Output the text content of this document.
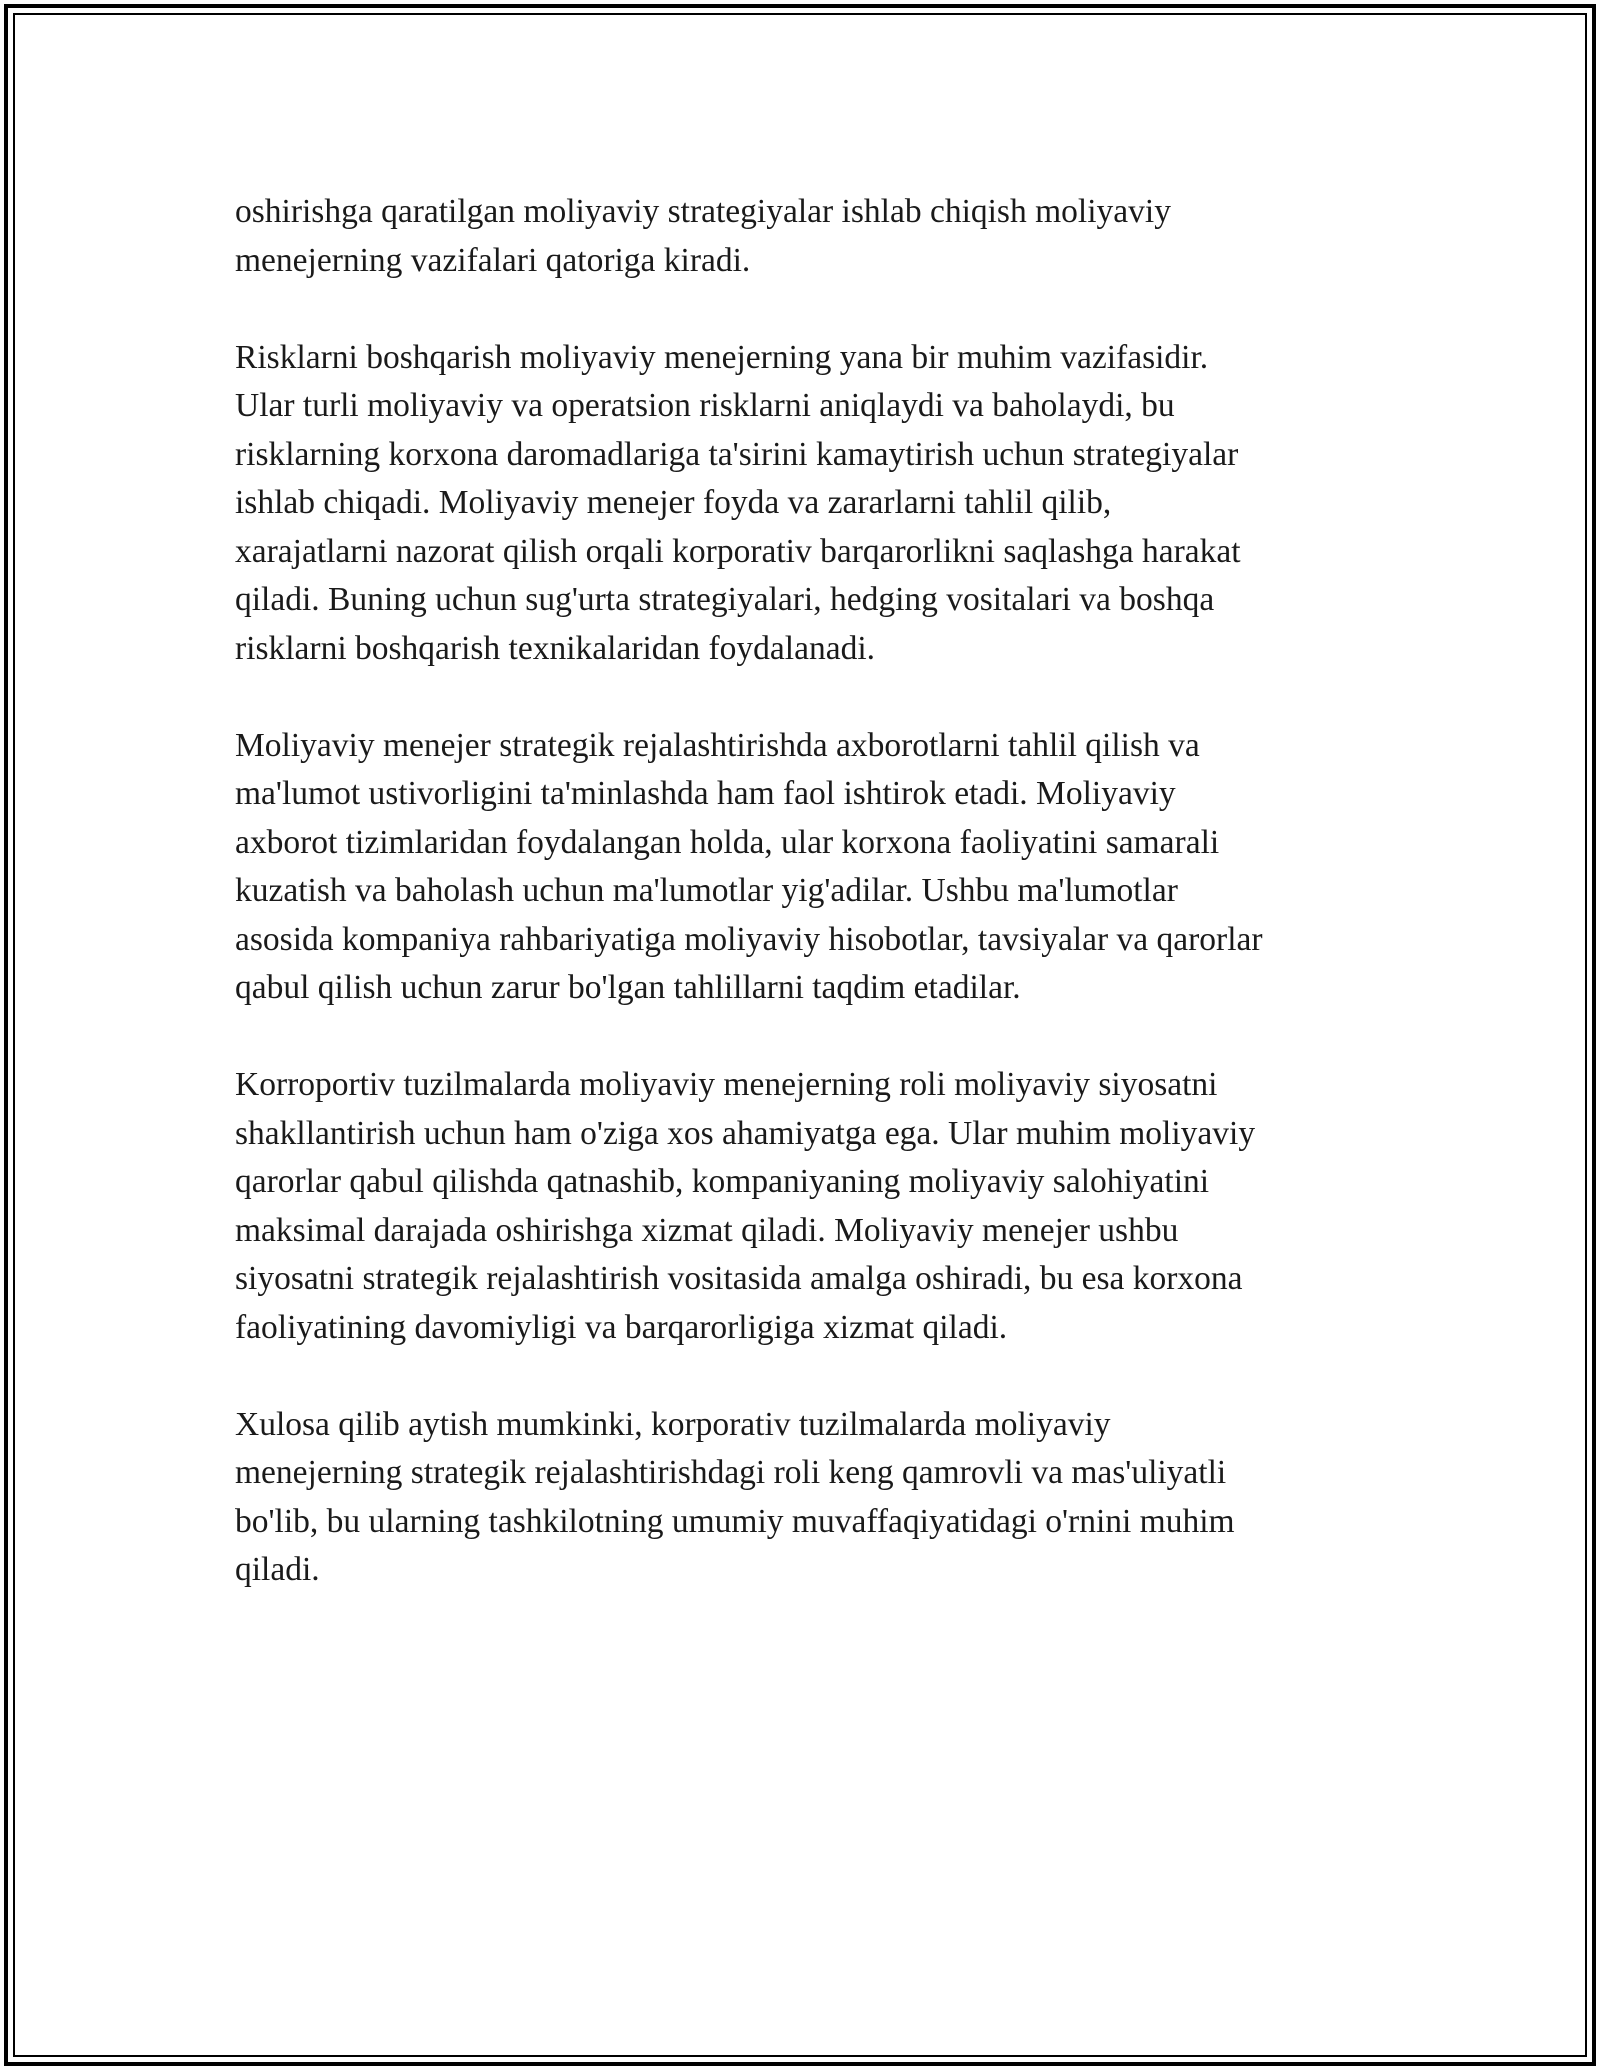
oshirishga qaratilgan moliyaviy strategiyalar ishlab chiqish moliyaviy
menejerning vazifalari qatoriga kiradi.

Risklarni boshqarish moliyaviy menejerning yana bir muhim vazifasidir.
Ular turli moliyaviy va operatsion risklarni aniqlaydi va baholaydi, bu
risklarning korxona daromadlariga ta'sirini kamaytirish uchun strategiyalar
ishlab chiqadi. Moliyaviy menejer foyda va zararlarni tahlil qilib,
xarajatlarni nazorat qilish orqali korporativ barqarorlikni saqlashga harakat
qiladi. Buning uchun sug'urta strategiyalari, hedging vositalari va boshqa
risklarni boshqarish texnikalaridan foydalanadi.

Moliyaviy menejer strategik rejalashtirishda axborotlarni tahlil qilish va
ma'lumot ustivorligini ta'minlashda ham faol ishtirok etadi. Moliyaviy
axborot tizimlaridan foydalangan holda, ular korxona faoliyatini samarali
kuzatish va baholash uchun ma'lumotlar yig'adilar. Ushbu ma'lumotlar
asosida kompaniya rahbariyatiga moliyaviy hisobotlar, tavsiyalar va qarorlar
qabul qilish uchun zarur bo'lgan tahlillarni taqdim etadilar.

Korroportiv tuzilmalarda moliyaviy menejerning roli moliyaviy siyosatni
shakllantirish uchun ham o'ziga xos ahamiyatga ega. Ular muhim moliyaviy
qarorlar qabul qilishda qatnashib, kompaniyaning moliyaviy salohiyatini
maksimal darajada oshirishga xizmat qiladi. Moliyaviy menejer ushbu
siyosatni strategik rejalashtirish vositasida amalga oshiradi, bu esa korxona
faoliyatining davomiyligi va barqarorligiga xizmat qiladi.

Xulosa qilib aytish mumkinki, korporativ tuzilmalarda moliyaviy
menejerning strategik rejalashtirishdagi roli keng qamrovli va mas'uliyatli
bo'lib, bu ularning tashkilotning umumiy muvaffaqiyatidagi o'rnini muhim
qiladi.
